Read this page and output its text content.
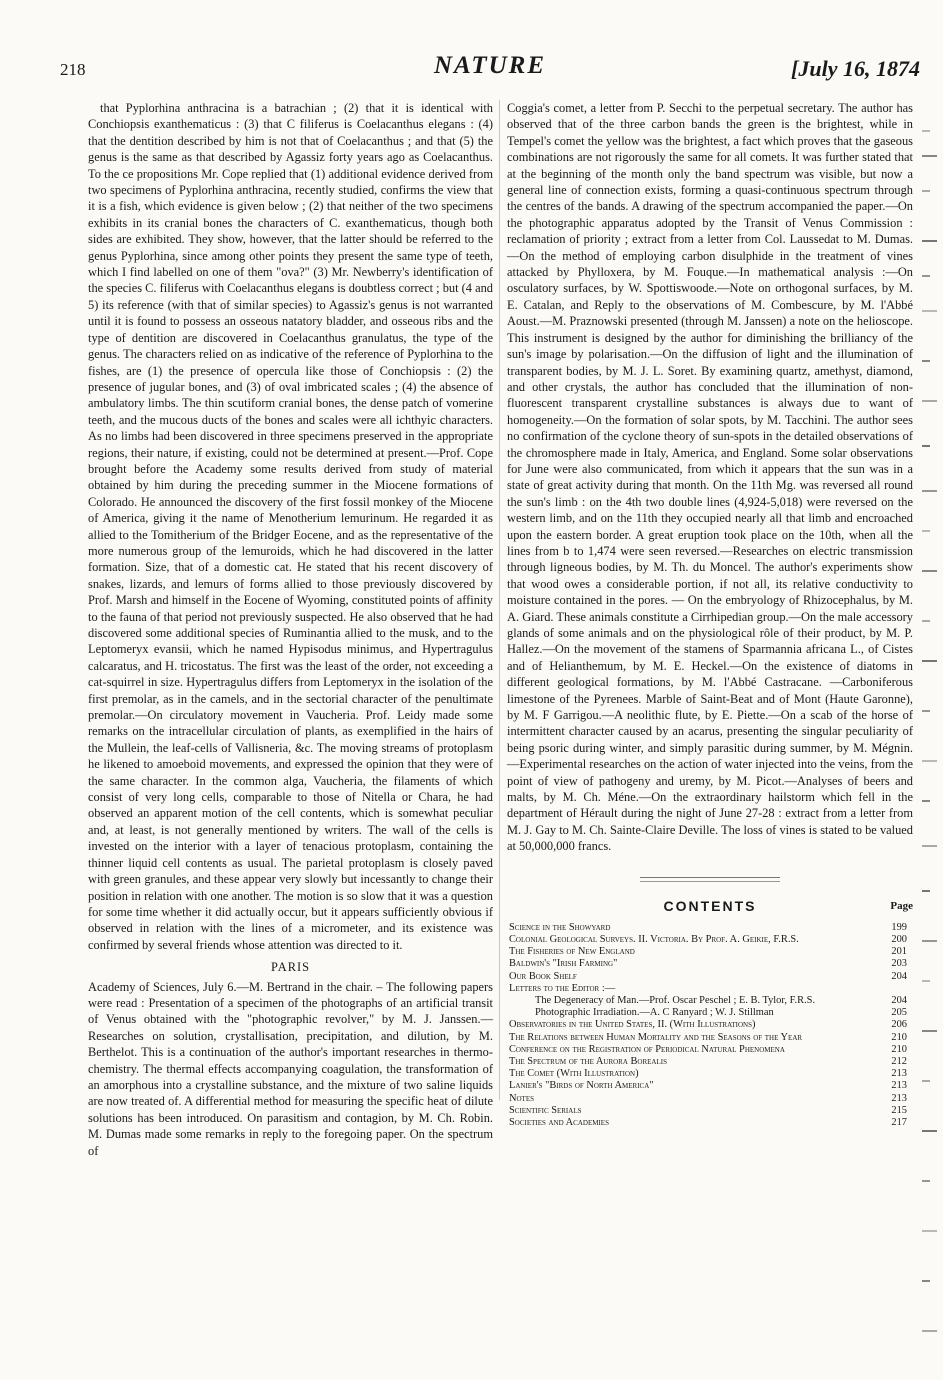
218	NATURE	[July 16, 1874

that Pyplorhina anthracina is a batrachian ; (2) that it is identical with Conchiopsis exanthematicus : (3) that C filiferus is Coelacanthus elegans : (4) that the dentition described by him is not that of Coelacanthus ; and that (5) the genus is the same as that described by Agassiz forty years ago as Coelacanthus. To the ce propositions Mr. Cope replied that (1) additional evidence derived from two specimens of Pyplorhina anthracina, recently studied, confirms the view that it is a fish, which evidence is given below ; (2) that neither of the two specimens exhibits in its cranial bones the characters of C. exanthematicus, though both sides are exhibited. They show, however, that the latter should be referred to the genus Pyplorhina, since among other points they present the same type of teeth, which I find labelled on one of them "ova?" (3) Mr. Newberry's identification of the species C. filiferus with Coelacanthus elegans is doubtless correct ; but (4 and 5) its reference (with that of similar species) to Agassiz's genus is not warranted until it is found to possess an osseous natatory bladder, and osseous ribs and the type of dentition are discovered in Coelacanthus granulatus, the type of the genus. The characters relied on as indicative of the reference of Pyplorhina to the fishes, are (1) the presence of opercula like those of Conchiopsis : (2) the presence of jugular bones, and (3) of oval imbricated scales ; (4) the absence of ambulatory limbs. The thin scutiform cranial bones, the dense patch of vomerine teeth, and the mucous ducts of the bones and scales were all ichthyic characters. As no limbs had been discovered in three specimens preserved in the appropriate regions, their nature, if existing, could not be determined at present.—Prof. Cope brought before the Academy some results derived from study of material obtained by him during the preceding summer in the Miocene formations of Colorado. He announced the discovery of the first fossil monkey of the Miocene of America, giving it the name of Menotherium lemurinum. He regarded it as allied to the Tomitherium of the Bridger Eocene, and as the representative of the more numerous group of the lemuroids, which he had discovered in the latter formation. Size, that of a domestic cat. He stated that his recent discovery of snakes, lizards, and lemurs of forms allied to those previously discovered by Prof. Marsh and himself in the Eocene of Wyoming, constituted points of affinity to the fauna of that period not previously suspected. He also observed that he had discovered some additional species of Ruminantia allied to the musk, and to the Leptomeryx evansii, which he named Hypisodus minimus, and Hypertragulus calcaratus, and H. tricostatus. The first was the least of the order, not exceeding a cat-squirrel in size. Hypertragulus differs from Leptomeryx in the isolation of the first premolar, as in the camels, and in the sectorial character of the penultimate premolar.—On circulatory movement in Vaucheria. Prof. Leidy made some remarks on the intracellular circulation of plants, as exemplified in the hairs of the Mullein, the leaf-cells of Vallisneria, &c. The moving streams of protoplasm he likened to amoeboid movements, and expressed the opinion that they were of the same character. In the common alga, Vaucheria, the filaments of which consist of very long cells, comparable to those of Nitella or Chara, he had observed an apparent motion of the cell contents, which is somewhat peculiar and, at least, is not generally mentioned by writers. The wall of the cells is invested on the interior with a layer of tenacious protoplasm, containing the thinner liquid cell contents as usual. The parietal protoplasm is closely paved with green granules, and these appear very slowly but incessantly to change their position in relation with one another. The motion is so slow that it was a question for some time whether it did actually occur, but it appears sufficiently obvious if observed in relation with the lines of a micrometer, and its existence was confirmed by several friends whose attention was directed to it.

PARIS

Academy of Sciences, July 6.—M. Bertrand in the chair. – The following papers were read : Presentation of a specimen of the photographs of an artificial transit of Venus obtained with the "photographic revolver," by M. J. Janssen.—Researches on solution, crystallisation, precipitation, and dilution, by M. Berthelot. This is a continuation of the author's important researches in thermo-chemistry. The thermal effects accompanying coagulation, the transformation of an amorphous into a crystalline substance, and the mixture of two saline liquids are now treated of. A differential method for measuring the specific heat of dilute solutions has been introduced. On parasitism and contagion, by M. Ch. Robin. M. Dumas made some remarks in reply to the foregoing paper. On the spectrum of

Coggia's comet, a letter from P. Secchi to the perpetual secretary. The author has observed that of the three carbon bands the green is the brightest, while in Tempel's comet the yellow was the brightest, a fact which proves that the gaseous combinations are not rigorously the same for all comets. It was further stated that at the beginning of the month only the band spectrum was visible, but now a general line of connection exists, forming a quasi-continuous spectrum through the centres of the bands. A drawing of the spectrum accompanied the paper.—On the photographic apparatus adopted by the Transit of Venus Commission : reclamation of priority ; extract from a letter from Col. Laussedat to M. Dumas.—On the method of employing carbon disulphide in the treatment of vines attacked by Phylloxera, by M. Fouque.—In mathematical analysis :—On osculatory surfaces, by W. Spottiswoode.—Note on orthogonal surfaces, by M. E. Catalan, and Reply to the observations of M. Combescure, by M. l'Abbé Aoust.—M. Praznowski presented (through M. Janssen) a note on the helioscope. This instrument is designed by the author for diminishing the brilliancy of the sun's image by polarisation.—On the diffusion of light and the illumination of transparent bodies, by M. J. L. Soret. By examining quartz, amethyst, diamond, and other crystals, the author has concluded that the illumination of non-fluorescent transparent crystalline substances is always due to want of homogeneity.—On the formation of solar spots, by M. Tacchini. The author sees no confirmation of the cyclone theory of sun-spots in the detailed observations of the chromosphere made in Italy, America, and England. Some solar observations for June were also communicated, from which it appears that the sun was in a state of great activity during that month. On the 11th Mg. was reversed all round the sun's limb : on the 4th two double lines (4,924-5,018) were reversed on the western limb, and on the 11th they occupied nearly all that limb and encroached upon the eastern border. A great eruption took place on the 10th, when all the lines from b to 1,474 were seen reversed.—Researches on electric transmission through ligneous bodies, by M. Th. du Moncel. The author's experiments show that wood owes a considerable portion, if not all, its relative conductivity to moisture contained in the pores. — On the embryology of Rhizocephalus, by M. A. Giard. These animals constitute a Cirrhipedian group.—On the male accessory glands of some animals and on the physiological rôle of their product, by M. P. Hallez.—On the movement of the stamens of Sparmannia africana L., of Cistes and of Helianthemum, by M. E. Heckel.—On the existence of diatoms in different geological formations, by M. l'Abbé Castracane. —Carboniferous limestone of the Pyrenees. Marble of Saint-Beat and of Mont (Haute Garonne), by M. F Garrigou.—A neolithic flute, by E. Piette.—On a scab of the horse of intermittent character caused by an acarus, presenting the singular peculiarity of being psoric during winter, and simply parasitic during summer, by M. Mégnin.—Experimental researches on the action of water injected into the veins, from the point of view of pathogeny and uremy, by M. Picot.—Analyses of beers and malts, by M. Ch. Méne.—On the extraordinary hailstorm which fell in the department of Hérault during the night of June 27-28 : extract from a letter from M. J. Gay to M. Ch. Sainte-Claire Deville. The loss of vines is stated to be valued at 50,000,000 francs.

CONTENTS	Page
Science in the Showyard	199
Colonial Geological Surveys. II. Victoria. By Prof. A. Geikie, F.R.S.	200
The Fisheries of New England	201
Baldwin's "Irish Farming"	203
Our Book Shelf	204
Letters to the Editor :—
The Degeneracy of Man.—Prof. Oscar Peschel ; E. B. Tylor, F.R.S.	204
Photographic Irradiation.—A. C Ranyard ; W. J. Stillman	205
Observatories in the United States, II. (With Illustrations)	206
The Relations between Human Mortality and the Seasons of the Year	210
Conference on the Registration of Periodical Natural Phenomena	210
The Spectrum of the Aurora Borealis	212
The Comet (With Illustration)	213
Lanier's "Birds of North America"	213
Notes	213
Scientific Serials	215
Societies and Academies	217
